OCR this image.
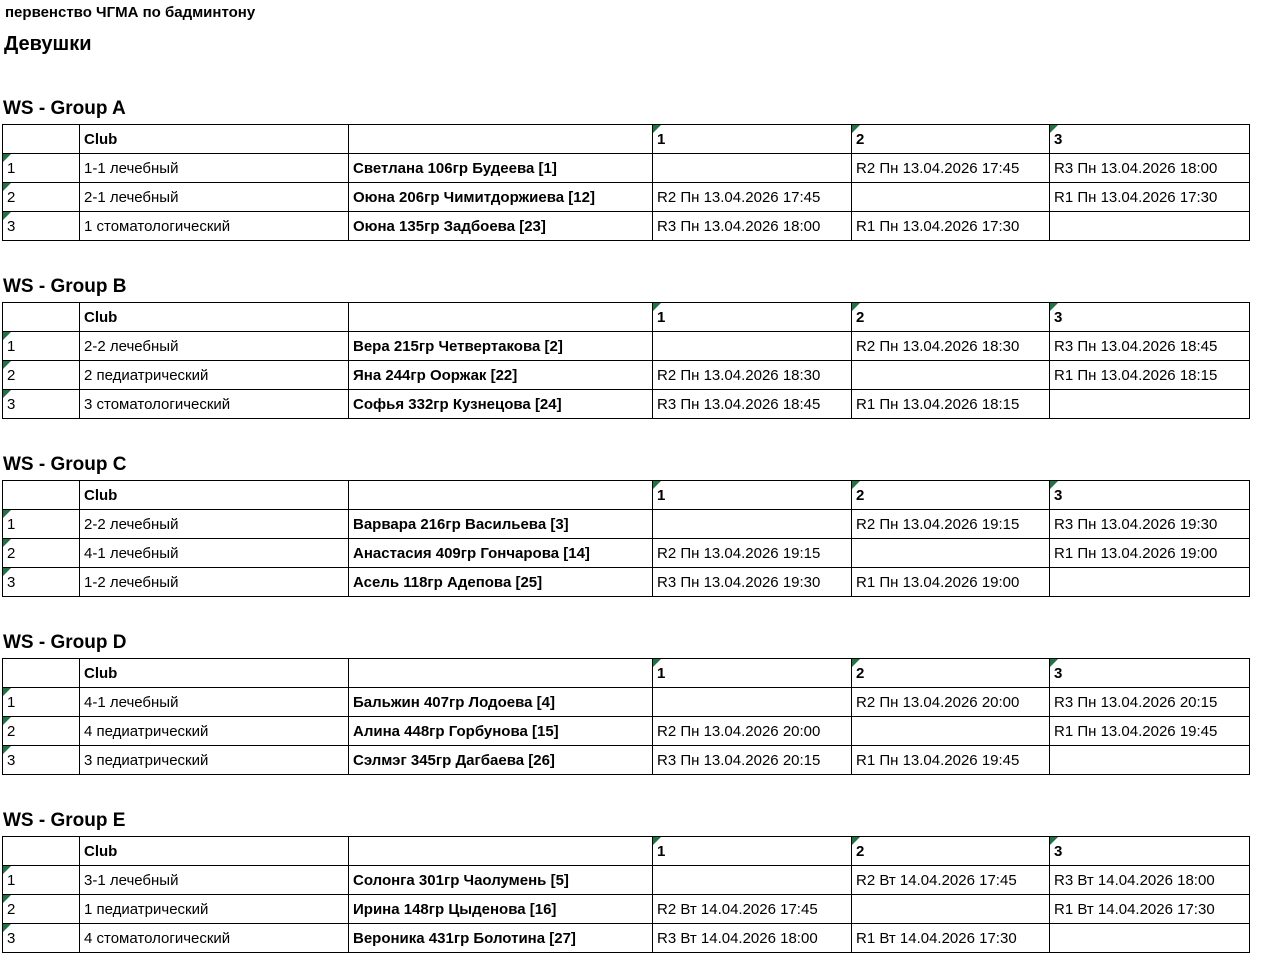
первенство ЧГМА по бадминтону
Девушки
WS - Group A
	Club		1	2	3

1	1-1 лечебный	Светлана 106гр Будеева [1]		R2 Пн 13.04.2026 17:45	R3 Пн 13.04.2026 18:00

2	2-1 лечебный	Оюна 206гр Чимитдоржиева [12]	R2 Пн 13.04.2026 17:45		R1 Пн 13.04.2026 17:30

3	1 стоматологический	Оюна 135гр Задбоева [23]	R3 Пн 13.04.2026 18:00	R1 Пн 13.04.2026 17:30	
WS - Group B
	Club		1	2	3

1	2-2 лечебный	Вера 215гр Четвертакова [2]		R2 Пн 13.04.2026 18:30	R3 Пн 13.04.2026 18:45

2	2 педиатрический	Яна 244гр Ооржак [22]	R2 Пн 13.04.2026 18:30		R1 Пн 13.04.2026 18:15

3	3 стоматологический	Софья 332гр Кузнецова [24]	R3 Пн 13.04.2026 18:45	R1 Пн 13.04.2026 18:15	
WS - Group C
	Club		1	2	3

1	2-2 лечебный	Варвара 216гр Васильева [3]		R2 Пн 13.04.2026 19:15	R3 Пн 13.04.2026 19:30

2	4-1 лечебный	Анастасия 409гр Гончарова [14]	R2 Пн 13.04.2026 19:15		R1 Пн 13.04.2026 19:00

3	1-2 лечебный	Асель 118гр Адепова [25]	R3 Пн 13.04.2026 19:30	R1 Пн 13.04.2026 19:00	
WS - Group D
	Club		1	2	3

1	4-1 лечебный	Бальжин 407гр Лодоева [4]		R2 Пн 13.04.2026 20:00	R3 Пн 13.04.2026 20:15

2	4 педиатрический	Алина 448гр Горбунова [15]	R2 Пн 13.04.2026 20:00		R1 Пн 13.04.2026 19:45

3	3 педиатрический	Сэлмэг 345гр Дагбаева [26]	R3 Пн 13.04.2026 20:15	R1 Пн 13.04.2026 19:45	
WS - Group E
	Club		1	2	3

1	3-1 лечебный	Солонга 301гр Чаолумень [5]		R2 Вт 14.04.2026 17:45	R3 Вт 14.04.2026 18:00

2	1 педиатрический	Ирина 148гр Цыденова [16]	R2 Вт 14.04.2026 17:45		R1 Вт 14.04.2026 17:30

3	4 стоматологический	Вероника 431гр Болотина [27]	R3 Вт 14.04.2026 18:00	R1 Вт 14.04.2026 17:30	
